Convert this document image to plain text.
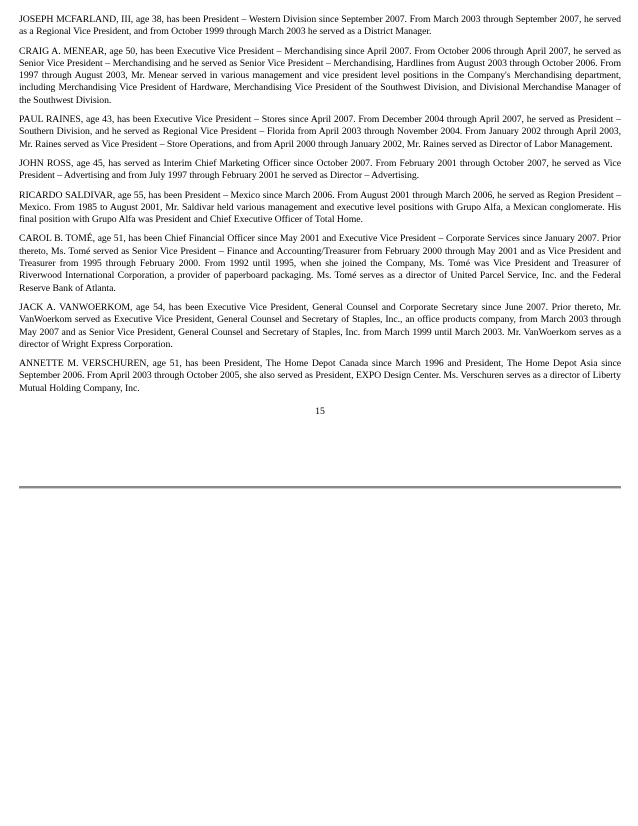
JOSEPH MCFARLAND, III, age 38, has been President – Western Division since September 2007. From March 2003 through September 2007, he served as a Regional Vice President, and from October 1999 through March 2003 he served as a District Manager.

CRAIG A. MENEAR, age 50, has been Executive Vice President – Merchandising since April 2007. From October 2006 through April 2007, he served as Senior Vice President – Merchandising and he served as Senior Vice President – Merchandising, Hardlines from August 2003 through October 2006. From 1997 through August 2003, Mr. Menear served in various management and vice president level positions in the Company's Merchandising department, including Merchandising Vice President of Hardware, Merchandising Vice President of the Southwest Division, and Divisional Merchandise Manager of the Southwest Division.

PAUL RAINES, age 43, has been Executive Vice President – Stores since April 2007. From December 2004 through April 2007, he served as President – Southern Division, and he served as Regional Vice President – Florida from April 2003 through November 2004. From January 2002 through April 2003, Mr. Raines served as Vice President – Store Operations, and from April 2000 through January 2002, Mr. Raines served as Director of Labor Management.

JOHN ROSS, age 45, has served as Interim Chief Marketing Officer since October 2007. From February 2001 through October 2007, he served as Vice President – Advertising and from July 1997 through February 2001 he served as Director – Advertising.

RICARDO SALDIVAR, age 55, has been President – Mexico since March 2006. From August 2001 through March 2006, he served as Region President – Mexico. From 1985 to August 2001, Mr. Saldivar held various management and executive level positions with Grupo Alfa, a Mexican conglomerate. His final position with Grupo Alfa was President and Chief Executive Officer of Total Home.

CAROL B. TOMÉ, age 51, has been Chief Financial Officer since May 2001 and Executive Vice President – Corporate Services since January 2007. Prior thereto, Ms. Tomé served as Senior Vice President – Finance and Accounting/Treasurer from February 2000 through May 2001 and as Vice President and Treasurer from 1995 through February 2000. From 1992 until 1995, when she joined the Company, Ms. Tomé was Vice President and Treasurer of Riverwood International Corporation, a provider of paperboard packaging. Ms. Tomé serves as a director of United Parcel Service, Inc. and the Federal Reserve Bank of Atlanta.

JACK A. VANWOERKOM, age 54, has been Executive Vice President, General Counsel and Corporate Secretary since June 2007. Prior thereto, Mr. VanWoerkom served as Executive Vice President, General Counsel and Secretary of Staples, Inc., an office products company, from March 2003 through May 2007 and as Senior Vice President, General Counsel and Secretary of Staples, Inc. from March 1999 until March 2003. Mr. VanWoerkom serves as a director of Wright Express Corporation.

ANNETTE M. VERSCHUREN, age 51, has been President, The Home Depot Canada since March 1996 and President, The Home Depot Asia since September 2006. From April 2003 through October 2005, she also served as President, EXPO Design Center. Ms. Verschuren serves as a director of Liberty Mutual Holding Company, Inc.

15
